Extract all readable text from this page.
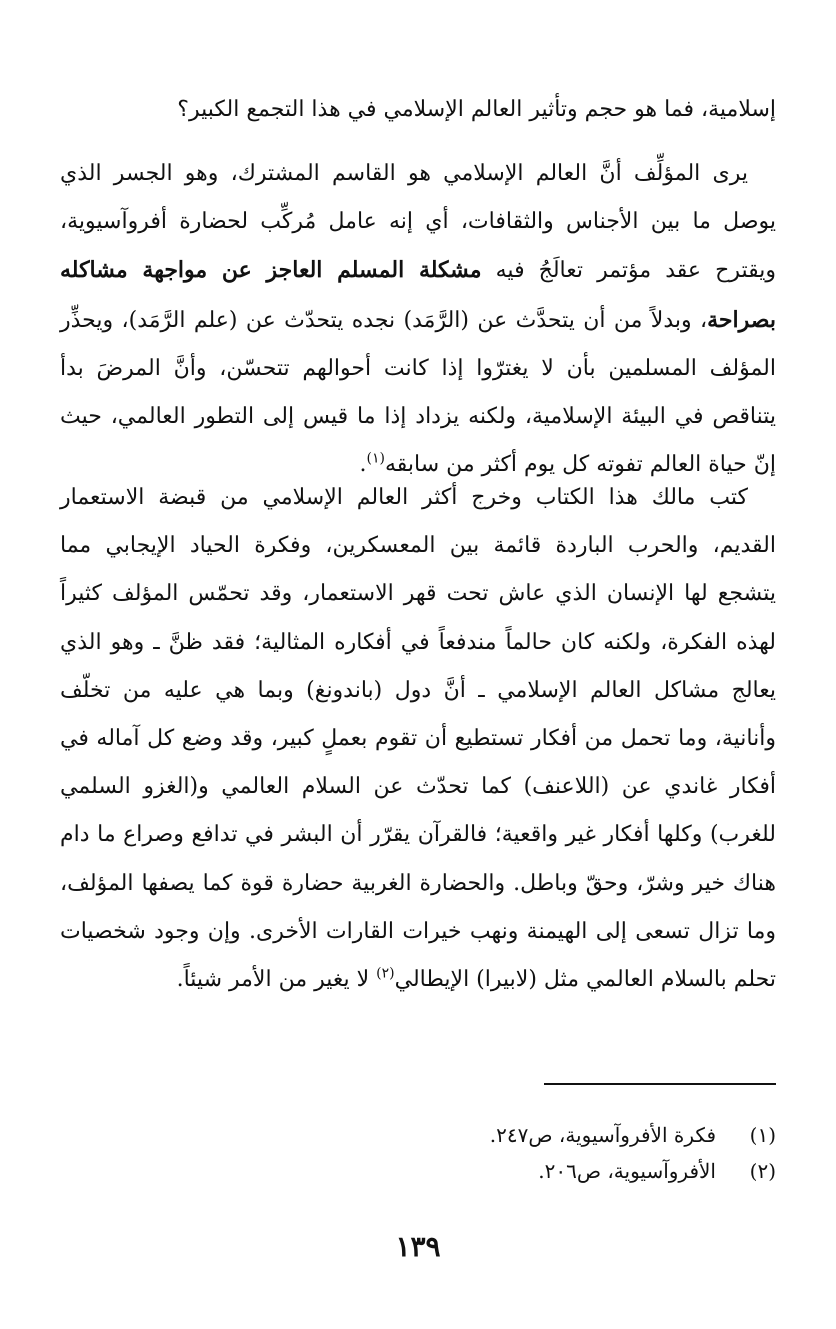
إسلامية، فما هو حجم وتأثير العالم الإسلامي في هذا التجمع الكبير؟

يرى المؤلِّف أنَّ العالم الإسلامي هو القاسم المشترك، وهو الجسر الذي يوصل ما بين الأجناس والثقافات، أي إنه عامل مُركِّب لحضارة أفروآسيوية، ويقترح عقد مؤتمر تعالَجُ فيه مشكلة المسلم العاجز عن مواجهة مشاكله بصراحة، وبدلاً من أن يتحدَّث عن (الرَّمَد) نجده يتحدّث عن (علم الرَّمَد)، ويحذِّر المؤلف المسلمين بأن لا يغترّوا إذا كانت أحوالهم تتحسّن، وأنَّ المرضَ بدأ يتناقص في البيئة الإسلامية، ولكنه يزداد إذا ما قيس إلى التطور العالمي، حيث إنّ حياة العالم تفوته كل يوم أكثر من سابقه$^{(١)}$.

كتب مالك هذا الكتاب وخرج أكثر العالم الإسلامي من قبضة الاستعمار القديم، والحرب الباردة قائمة بين المعسكرين، وفكرة الحياد الإيجابي مما يتشجع لها الإنسان الذي عاش تحت قهر الاستعمار، وقد تحمّس المؤلف كثيراً لهذه الفكرة، ولكنه كان حالماً مندفعاً في أفكاره المثالية؛ فقد ظنَّ ـ وهو الذي يعالج مشاكل العالم الإسلامي ـ أنَّ دول (باندونغ) وبما هي عليه من تخلّف وأنانية، وما تحمل من أفكار تستطيع أن تقوم بعملٍ كبير، وقد وضع كل آماله في أفكار غاندي عن (اللاعنف) كما تحدّث عن السلام العالمي و(الغزو السلمي للغرب) وكلها أفكار غير واقعية؛ فالقرآن يقرّر أن البشر في تدافع وصراع ما دام هناك خير وشرّ، وحقّ وباطل. والحضارة الغربية حضارة قوة كما يصفها المؤلف، وما تزال تسعى إلى الهيمنة ونهب خيرات القارات الأخرى. وإن وجود شخصيات تحلم بالسلام العالمي مثل (لابيرا) الإيطالي$^{(٢)}$ لا يغير من الأمر شيئاً.

(١)
فكرة الأفروآسيوية، ص٢٤٧.
(٢)
الأفروآسيوية، ص٢٠٦.
١٣٩
